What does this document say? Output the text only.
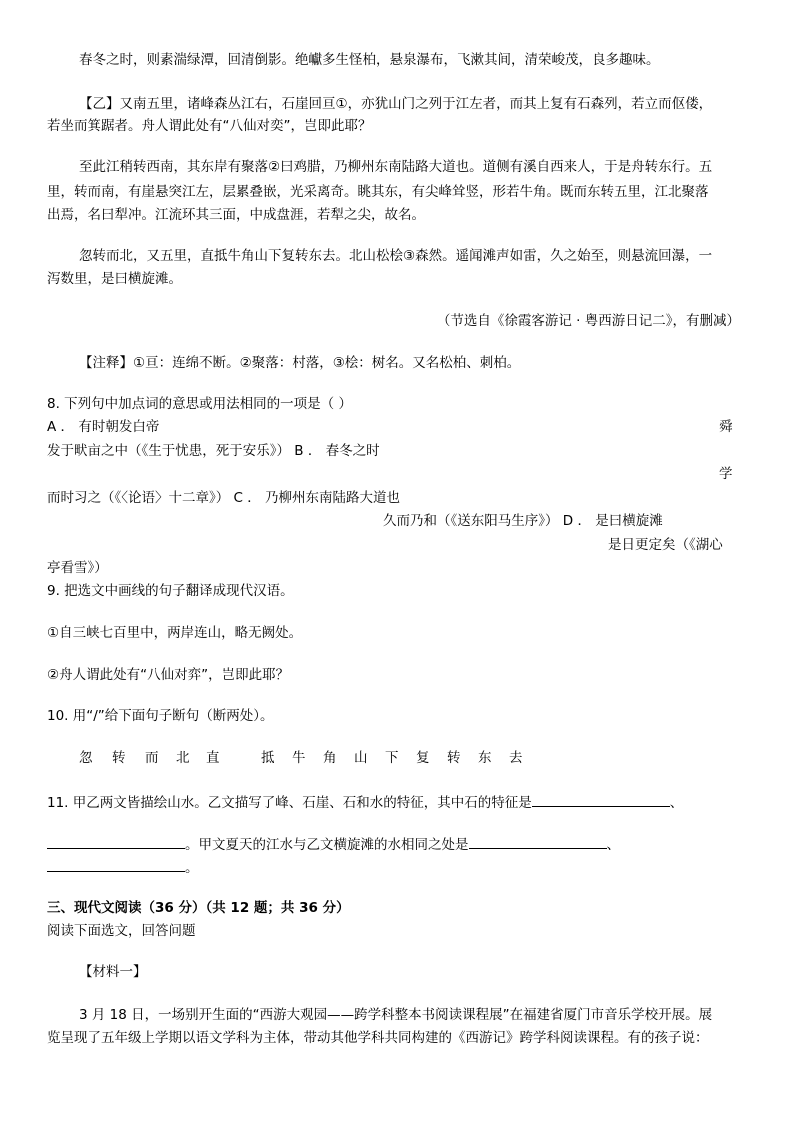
春冬之时，则素湍绿潭，回清倒影。绝巘多生怪柏，悬泉瀑布，飞漱其间，清荣峻茂，良多趣味。
【乙】又南五里，诸峰森丛江右，石崖回亘①，亦犹山门之列于江左者，而其上复有石森列，若立而伛偻，
若坐而箕踞者。舟人谓此处有“八仙对奕”，岂即此耶？
至此江稍转西南，其东岸有聚落②曰鸡腊，乃柳州东南陆路大道也。道侧有溪自西来人，于是舟转东行。五
里，转而南，有崖悬突江左，层累叠嵌，光采离奇。眺其东，有尖峰耸竖，形若牛角。既而东转五里，江北聚落
出焉，名曰犁冲。江流环其三面，中成盘涯，若犁之尖，故名。
忽转而北，又五里，直抵牛角山下复转东去。北山松桧③森然。遥闻滩声如雷，久之始至，则悬流回瀑，一
泻数里，是曰横旋滩。
（节选自《徐霞客游记 · 粤西游日记二》，有删减）
【注释】①亘：连绵不断。②聚落：村落，③桧：树名。又名松柏、刺柏。
8. 下列句中加点词的意思或用法相同的一项是（ ）
A ． 有时朝发白帝	舜
发于畎亩之中（《生于忧患，死于安乐》） B ． 春冬之时
学
而时习之（《〈论语〉十二章》） C ． 乃柳州东南陆路大道也
久而乃和（《送东阳马生序》） D ． 是曰横旋滩
是日更定矣（《湖心
亭看雪》）
9. 把选文中画线的句子翻译成现代汉语。
①自三峡七百里中，两岸连山，略无阙处。
②舟人谓此处有“八仙对弈”，岂即此耶？
10. 用“/”给下面句子断句（断两处）。
忽 转 而 北 直	抵 牛 角 山 下 复 转 东 去
11. 甲乙两文皆描绘山水。乙文描写了峰、石崖、石和水的特征，其中石的特征是	、
。甲文夏天的江水与乙文横旋滩的水相同之处是	、
。
三、现代文阅读（36 分）（共 12 题；共 36 分）
阅读下面选文，回答问题
【材料一】
3 月 18 日，一场别开生面的“西游大观园——跨学科整本书阅读课程展”在福建省厦门市音乐学校开展。展
览呈现了五年级上学期以语文学科为主体，带动其他学科共同构建的《西游记》跨学科阅读课程。有的孩子说：
